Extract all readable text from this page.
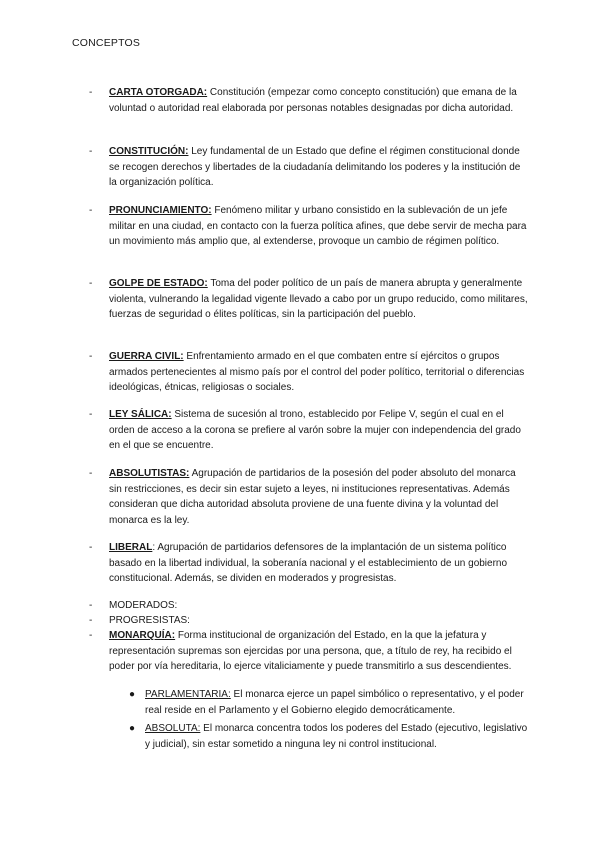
CONCEPTOS
- CARTA OTORGADA: Constitución (empezar como concepto constitución) que emana de la voluntad o autoridad real elaborada por personas notables designadas por dicha autoridad.
- CONSTITUCIÓN: Ley fundamental de un Estado que define el régimen constitucional donde se recogen derechos y libertades de la ciudadanía delimitando los poderes y la institución de la organización política.
- PRONUNCIAMIENTO: Fenómeno militar y urbano consistido en la sublevación de un jefe militar en una ciudad, en contacto con la fuerza política afines, que debe servir de mecha para un movimiento más amplio que, al extenderse, provoque un cambio de régimen político.
- GOLPE DE ESTADO: Toma del poder político de un país de manera abrupta y generalmente violenta, vulnerando la legalidad vigente llevado a cabo por un grupo reducido, como militares, fuerzas de seguridad o élites políticas, sin la participación del pueblo.
- GUERRA CIVIL: Enfrentamiento armado en el que combaten entre sí ejércitos o grupos armados pertenecientes al mismo país por el control del poder político, territorial o diferencias ideológicas, étnicas, religiosas o sociales.
- LEY SÁLICA: Sistema de sucesión al trono, establecido por Felipe V, según el cual en el orden de acceso a la corona se prefiere al varón sobre la mujer con independencia del grado en el que se encuentre.
- ABSOLUTISTAS: Agrupación de partidarios de la posesión del poder absoluto del monarca sin restricciones, es decir sin estar sujeto a leyes, ni instituciones representativas. Además consideran que dicha autoridad absoluta proviene de una fuente divina y la voluntad del monarca es la ley.
- LIBERAL: Agrupación de partidarios defensores de la implantación de un sistema político basado en la libertad individual, la soberanía nacional y el establecimiento de un gobierno constitucional. Además, se dividen en moderados y progresistas.
- MODERADOS:
- PROGRESISTAS:
- MONARQUÍA: Forma institucional de organización del Estado, en la que la jefatura y representación supremas son ejercidas por una persona, que, a título de rey, ha recibido el poder por vía hereditaria, lo ejerce vitaliciamente y puede transmitirlo a sus descendientes.
● PARLAMENTARIA: El monarca ejerce un papel simbólico o representativo, y el poder real reside en el Parlamento y el Gobierno elegido democráticamente.
● ABSOLUTA: El monarca concentra todos los poderes del Estado (ejecutivo, legislativo y judicial), sin estar sometido a ninguna ley ni control institucional.
